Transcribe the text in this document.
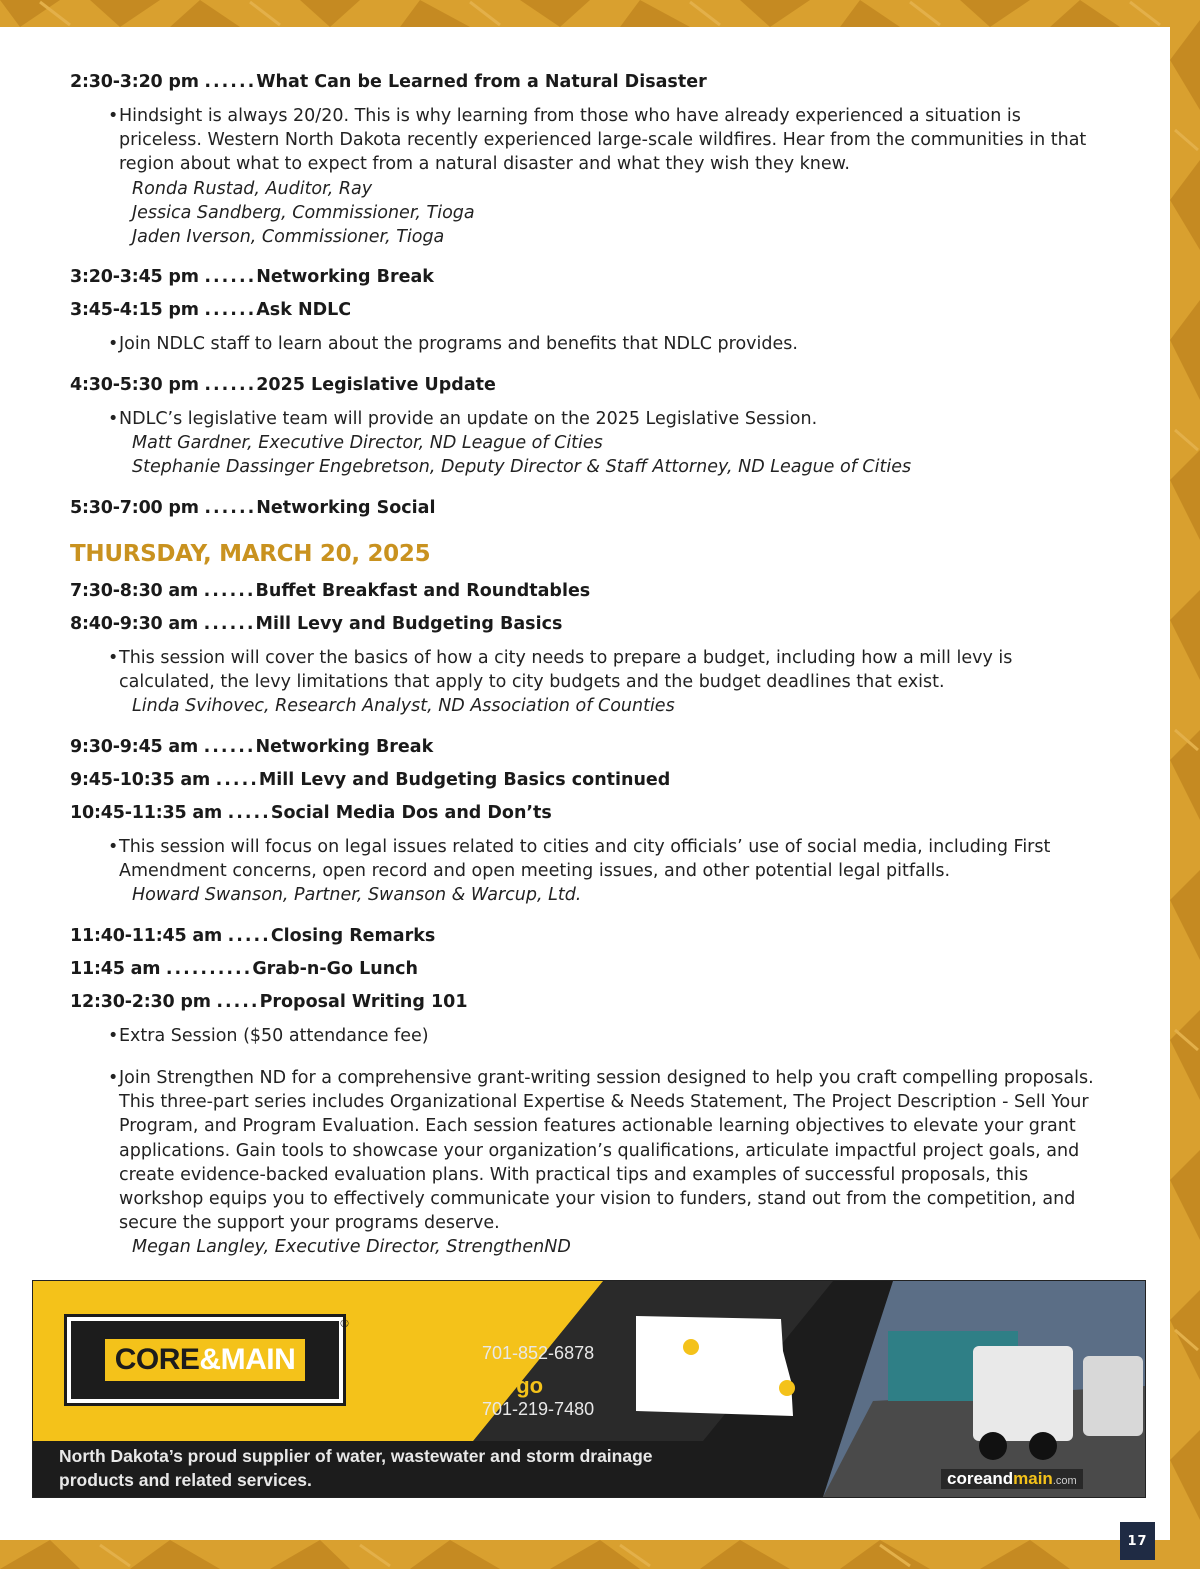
2:30-3:20 pm ......What Can be Learned from a Natural Disaster
• Hindsight is always 20/20. This is why learning from those who have already experienced a situation is priceless. Western North Dakota recently experienced large-scale wildfires. Hear from the communities in that region about what to expect from a natural disaster and what they wish they knew.
Ronda Rustad, Auditor, Ray
Jessica Sandberg, Commissioner, Tioga
Jaden Iverson, Commissioner, Tioga
3:20-3:45 pm ......Networking Break
3:45-4:15 pm ......Ask NDLC
• Join NDLC staff to learn about the programs and benefits that NDLC provides.
4:30-5:30 pm ......2025 Legislative Update
• NDLC’s legislative team will provide an update on the 2025 Legislative Session.
Matt Gardner, Executive Director, ND League of Cities
Stephanie Dassinger Engebretson, Deputy Director & Staff Attorney, ND League of Cities
5:30-7:00 pm ......Networking Social
THURSDAY, MARCH 20, 2025
7:30-8:30 am ......Buffet Breakfast and Roundtables
8:40-9:30 am ......Mill Levy and Budgeting Basics
• This session will cover the basics of how a city needs to prepare a budget, including how a mill levy is calculated, the levy limitations that apply to city budgets and the budget deadlines that exist.
Linda Svihovec, Research Analyst, ND Association of Counties
9:30-9:45 am ......Networking Break
9:45-10:35 am .....Mill Levy and Budgeting Basics continued
10:45-11:35 am .....Social Media Dos and Don’ts
• This session will focus on legal issues related to cities and city officials’ use of social media, including First Amendment concerns, open record and open meeting issues, and other potential legal pitfalls.
Howard Swanson, Partner, Swanson & Warcup, Ltd.
11:40-11:45 am .....Closing Remarks
11:45 am ..........Grab-n-Go Lunch
12:30-2:30 pm .....Proposal Writing 101
• Extra Session ($50 attendance fee)
• Join Strengthen ND for a comprehensive grant-writing session designed to help you craft compelling proposals. This three-part series includes Organizational Expertise & Needs Statement, The Project Description - Sell Your Program, and Program Evaluation. Each session features actionable learning objectives to elevate your grant applications. Gain tools to showcase your organization’s qualifications, articulate impactful project goals, and create evidence-backed evaluation plans. With practical tips and examples of successful proposals, this workshop equips you to effectively communicate your vision to funders, stand out from the competition, and secure the support your programs deserve.
Megan Langley, Executive Director, StrengthenND
CORE&MAIN
®	Minot
701-852-6878
Fargo
701-219-7480
North Dakota’s proud supplier of water, wastewater and storm drainage
products and related services.	coreandmain.com
17
